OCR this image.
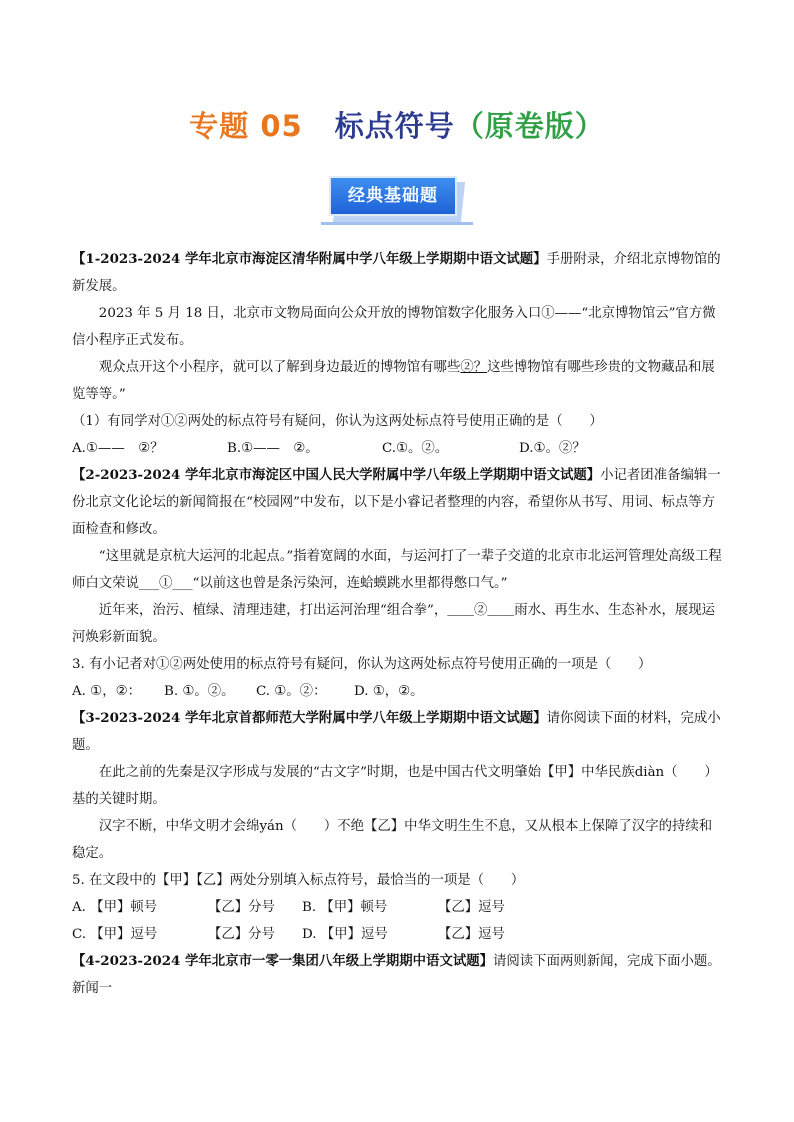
专题 05 标点符号（原卷版）
经典基础题

【1-2023-2024 学年北京市海淀区清华附属中学八年级上学期期中语文试题】手册附录，介绍北京博物馆的新发展。

2023 年 5 月 18 日，北京市文物局面向公众开放的博物馆数字化服务入口①——“北京博物馆云”官方微信小程序正式发布。

观众点开这个小程序，就可以了解到身边最近的博物馆有哪些②？这些博物馆有哪些珍贵的文物藏品和展览等等。”

（1）有同学对①②两处的标点符号有疑问，你认为这两处标点符号使用正确的是（　　）

A.①——　②？	B.①——　②。	C.①。②。	D.①。②？

【2-2023-2024 学年北京市海淀区中国人民大学附属中学八年级上学期期中语文试题】小记者团准备编辑一份北京文化论坛的新闻简报在“校园网”中发布，以下是小睿记者整理的内容，希望你从书写、用词、标点等方面检查和修改。

“这里就是京杭大运河的北起点。”指着宽阔的水面，与运河打了一辈子交道的北京市北运河管理处高级工程师白文荣说___①___“以前这也曾是条污染河，连蛤蟆跳水里都得憋口气。”

近年来，治污、植绿、清理违建，打出运河治理“组合拳”，＿＿②＿＿雨水、再生水、生态补水，展现运河焕彩新面貌。

3. 有小记者对①②两处使用的标点符号有疑问，你认为这两处标点符号使用正确的一项是（　　）

A. ①，②：	B. ①。②。	C. ①。②：	D. ①，②。

【3-2023-2024 学年北京首都师范大学附属中学八年级上学期期中语文试题】请你阅读下面的材料，完成小题。

在此之前的先秦是汉字形成与发展的“古文字”时期，也是中国古代文明肇始【甲】中华民族diàn（　　）基的关键时期。

汉字不断，中华文明才会绵yán（　　）不绝【乙】中华文明生生不息，又从根本上保障了汉字的持续和稳定。

5. 在文段中的【甲】【乙】两处分别填入标点符号，最恰当的一项是（　　）

A. 【甲】顿号	【乙】分号	B. 【甲】顿号	【乙】逗号
C. 【甲】逗号	【乙】分号	D. 【甲】逗号	【乙】逗号

【4-2023-2024 学年北京市一零一集团八年级上学期期中语文试题】请阅读下面两则新闻，完成下面小题。

新闻一
